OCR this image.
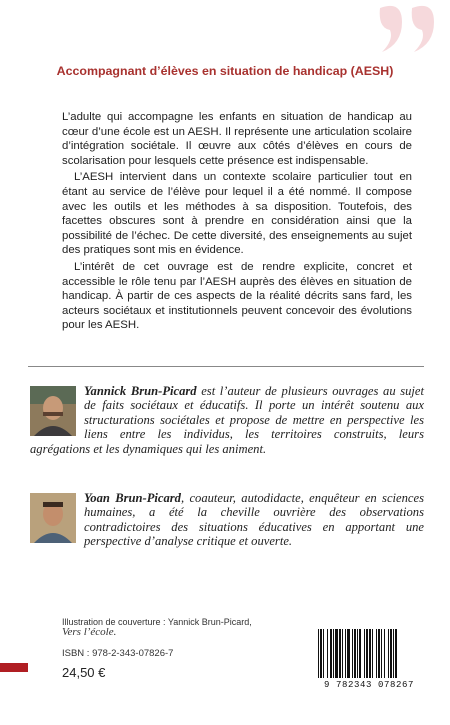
Accompagnant d’élèves en situation de handicap (AESH)

L’adulte qui accompagne les enfants en situation de handicap au cœur d’une école est un AESH. Il représente une articulation scolaire d’intégration sociétale. Il œuvre aux côtés d’élèves en cours de scolarisation pour lesquels cette présence est indispensable.

L’AESH intervient dans un contexte scolaire particulier tout en étant au service de l’élève pour lequel il a été nommé. Il compose avec les outils et les méthodes à sa disposition. Toutefois, des facettes obscures sont à prendre en considération ainsi que la possibilité de l’échec. De cette diversité, des enseignements au sujet des pratiques sont mis en évidence.

L’intérêt de cet ouvrage est de rendre explicite, concret et accessible le rôle tenu par l’AESH auprès des élèves en situation de handicap. À partir de ces aspects de la réalité décrits sans fard, les acteurs sociétaux et institutionnels peuvent concevoir des évolutions pour les AESH.

Yannick Brun-Picard est l’auteur de plusieurs ouvrages au sujet de faits sociétaux et éducatifs. Il porte un intérêt soutenu aux structurations sociétales et propose de mettre en perspective les liens entre les individus, les territoires construits, leurs agrégations et les dynamiques qui les animent.
Yoan Brun-Picard, coauteur, autodidacte, enquêteur en sciences humaines, a été la cheville ouvrière des observations contradictoires des situations éducatives en apportant une perspective d’analyse critique et ouverte.
Illustration de couverture : Yannick Brun-Picard,
Vers l’école.
ISBN : 978-2-343-07826-7
24,50 €
9 782343 078267
